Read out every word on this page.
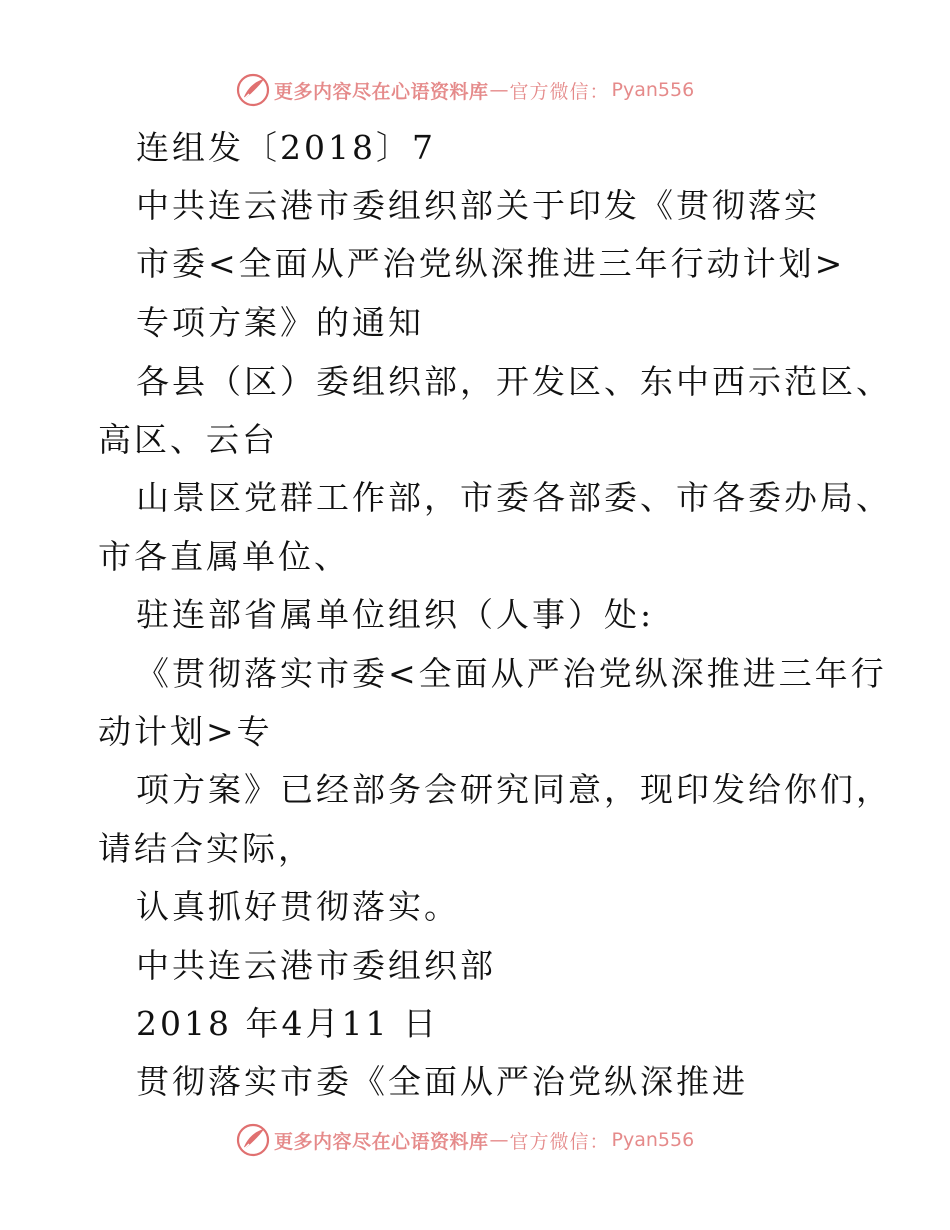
更多内容尽在心语资料库 — 官方微信： Pyan556
连组发〔2018〕7
中共连云港市委组织部关于印发《贯彻落实
市委<全面从严治党纵深推进三年行动计划>
专项方案》的通知
各县（区）委组织部，开发区、东中西示范区、
高区、云台
山景区党群工作部，市委各部委、市各委办局、
市各直属单位、
驻连部省属单位组织（人事）处:
《贯彻落实市委<全面从严治党纵深推进三年行
动计划>专
项方案》已经部务会研究同意，现印发给你们，
请结合实际，
认真抓好贯彻落实。
中共连云港市委组织部
2018 年4月11 日
贯彻落实市委《全面从严治党纵深推进
更多内容尽在心语资料库 — 官方微信： Pyan556
